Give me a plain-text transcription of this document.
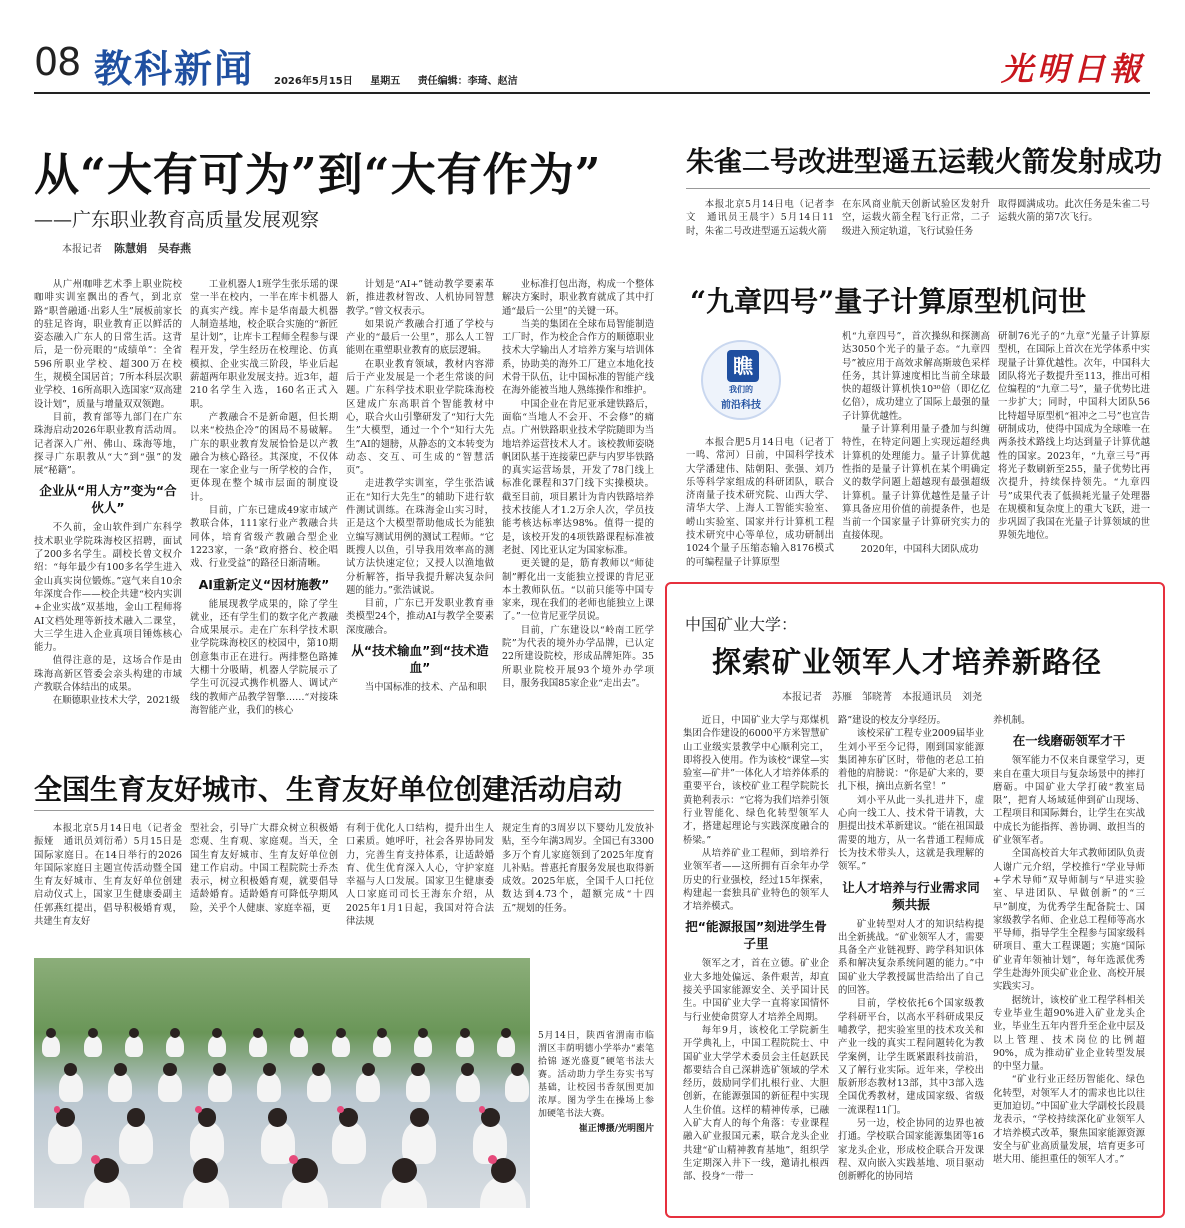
08 教科新闻 2026年5月15日 星期五 责任编辑：李琦、赵洁	光明日報
从“大有可为”到“大有作为”
——广东职业教育高质量发展观察
本报记者 陈慧娟　吴春燕

从广州咖啡艺术季上职业院校咖啡实训室飘出的香气，到北京路“职普融通·出彩人生”展板前家长的驻足咨询，职业教育正以鲜活的姿态融入广东人的日常生活。这背后，是一份亮眼的“成绩单”：全省596所职业学校、超300万在校生，规模全国居首；7所本科层次职业学校、16所高职入选国家“双高建设计划”，质量与增量双双领跑。

目前，教育部等九部门在广东珠海启动2026年职业教育活动周。记者深入广州、佛山、珠海等地，探寻广东职教从“大”到“强”的发展“秘籍”。

企业从“用人方”变为“合伙人”

不久前，金山软件到广东科学技术职业学院珠海校区招聘，面试了200多名学生。副校长曾文权介绍：“每年最少有100多名学生进入金山真实岗位锻炼。”寇气来自10余年深度合作——校企共建“校内实训+企业实战”双基地，金山工程师将AI文档处理等新技术融入二课堂，大三学生进入企业真项目锤炼核心能力。

值得注意的是，这场合作是由珠海高新区管委会亲头构建的市域产教联合体结出的成果。

在顺德职业技术大学，2021级

工业机器人1班学生张乐瑶的课堂一半在校内，一半在库卡机器人的真实产线。库卡是华南最大机器人制造基地，校企联合实施的“新匠星计划”，让库卡工程师全程参与课程开发，学生经历在校理论、仿真模拟、企业实战三阶段，毕业后起薪超两年职业发展支持。近3年，超210名学生入选，160名正式入职。

产教融合不是新命题，但长期以来“校热企冷”的困局不易破解。广东的职业教育发展恰恰是以产教融合为核心路径。其深度，不仅体现在一家企业与一所学校的合作，更体现在整个城市层面的制度设计。

目前，广东已建成49家市域产教联合体，111家行业产教融合共同体，培育省级产教融合型企业1223家，一条“政府搭台、校企唱戏、行业受益”的路径日渐清晰。

AI重新定义“因材施教”

能展现教学成果的，除了学生就业，还有学生们的数字化产教融合成果展示。走在广东科学技术职业学院珠海校区的校园中，第10期创意集市正在进行。两排整色路摊大棚十分吸睛，机器人学院展示了学生可沉浸式携作机器人、调试产线的教师产品教学智擎……“对接珠海智能产业，我们的核心

计划是“AI+”链动教学要素革新，推进教材智改、人机协同智慧教学。”曾文权表示。

如果说产教融合打通了学校与产业的“最后一公里”，那么人工智能则在重塑职业教育的底层逻辑。

在职业教育领域，教材内容滞后于产业发展是一个老生常谈的问题。广东科学技术职业学院珠海校区建成广东高职首个智能教材中心，联合火山引擎研发了“知行大先生”大模型，通过一个个“知行大先生”AI的翅膀，从静态的文本转变为动态、交互、可生成的“智慧活页”。

走进教学实训室，学生张浩诚正在“知行大先生”的辅助下进行软件测试训练。在珠海金山实习时，正是这个大模型帮助他成长为能独立编写测试用例的测试工程师。“它既搜人以鱼，引导我用效率高的测试方法快速定位；又授人以渔地做分析解答，指导我提升解决复杂问题的能力。”张浩诚说。

目前，广东已开发职业教育垂类模型24个，推动AI与教学全要素深度融合。

从“技术输血”到“技术造血”

当中国标准的技术、产品和职

业标准打包出海，构成一个整体解决方案时，职业教育就成了其中打通“最后一公里”的关键一环。

当美的集团在全球布局智能制造工厂时，作为校企合作方的顺德职业技术大学输出人才培养方案与培训体系，协助美的海外工厂建立本地化技术骨干队伍，让中国标准的智能产线在海外能被当地人熟练操作和维护。

中国企业在肯尼亚承建铁路后，面临“当地人不会开、不会修”的痛点。广州铁路职业技术学院随即为当地培养运营技术人才。该校教师姿晓帆团队基于连接蒙巴萨与内罗毕铁路的真实运营场景，开发了78门线上标准化课程和37门线下实操模块。截至目前，项目累计为肯内铁路培养技术技能人才1.2万余人次，学员技能考核达标率达98%。值得一提的是，该校开发的4项铁路课程标准被老挝、冈比亚认定为国家标准。

更关键的是，筋育教师以“师徒制”孵化出一支能独立授课的肯尼亚本土教师队伍。“以前只能等中国专家来，现在我们的老师也能独立上课了。”一位肯尼亚学员说。

目前，广东建设以“岭南工匠学院”为代表的境外办学品牌，已认定22所建设院校，形成品牌矩阵。35所职业院校开展93个境外办学项目，服务我国85家企业“走出去”。

朱雀二号改进型遥五运载火箭发射成功

本报北京5月14日电（记者李文　通讯员王晨宇）5月14日11时，朱雀二号改进型遥五运载火箭

在东风商业航天创新试验区发射升空，运载火箭全程飞行正常，二子级进入预定轨道，飞行试验任务

取得圆满成功。此次任务是朱雀二号运载火箭的第7次飞行。

“九章四号”量子计算原型机问世
瞧
我们的
前沿科技

本报合肥5月14日电（记者丁一鸣、常河）日前，中国科学技术大学潘建伟、陆朝阳、张强、刘乃乐等科学家组成的科研团队，联合济南量子技术研究院、山西大学、清华大学、上海人工智能实验室、崂山实验室、国家并行计算机工程技术研究中心等单位，成功研制出1024个量子压缩态输入8176模式的可编程量子计算原型

机“九章四号”，首次操纵和探测高达3050个光子的量子态。“九章四号”被应用于高效求解高斯玻色采样任务，其计算速度相比当前全球最快的超级计算机快10³⁰倍（即亿亿亿倍），成功建立了国际上最强的量子计算优越性。

量子计算利用量子叠加与纠缠特性，在特定问题上实现远超经典计算机的处理能力。量子计算优越性指的是量子计算机在某个明确定义的数学问题上超越现有最强超级计算机。量子计算优越性是量子计算具备应用价值的前提条件，也是当前一个国家量子计算研究实力的直接体现。

2020年，中国科大团队成功

研制76光子的“九章”光量子计算原型机，在国际上首次在光学体系中实现量子计算优越性。次年，中国科大团队将光子数提升至113，推出可相位编程的“九章二号”，量子优势比进一步扩大；同时，中国科大团队56比特超导原型机“祖冲之二号”也宣告研制成功，使得中国成为全球唯一在两条技术路线上均达到量子计算优越性的国家。2023年，“九章三号”再将光子数刷新至255，量子优势比再次提升，持续保持领先。“九章四号”成果代表了低损耗光量子处理器在规模和复杂度上的重大飞跃，进一步巩固了我国在光量子计算领域的世界领先地位。

全国生育友好城市、生育友好单位创建活动启动

本报北京5月14日电（记者金振娅　通讯员刘衍希）5月15日是国际家庭日。在14日举行的2026年国际家庭日主题宣传活动暨全国生育友好城市、生育友好单位创建启动仪式上，国家卫生健康委副主任郭燕红提出，倡导积极婚育观，共建生育友好

型社会，引导广大群众树立积极婚恋观、生育观、家庭观。当天，全国生育友好城市、生育友好单位创建工作启动。中国工程院院士乔杰表示，树立积极婚育观，就要倡导适龄婚育。适龄婚育可降低孕期风险，关乎个人健康、家庭幸福，更

有利于优化人口结构，提升出生人口素质。她呼吁，社会各界协同发力，完善生育支持体系，让适龄婚育、优生优育深入人心，守护家庭幸福与人口发展。国家卫生健康委人口家庭司司长王海东介绍，从2025年1月1日起，我国对符合法律法规

规定生育的3周岁以下婴幼儿发放补贴，至今年满3周岁。全国已有3300多万个育儿家庭领到了2025年度育儿补贴。普惠托育服务发展也取得新成效。2025年底，全国千人口托位数达到4.73个，超额完成“十四五”规划的任务。

5月14日，陕西省渭南市临渭区丰荫明德小学举办“素笔拾锦 逐光盛夏”硬笔书法大赛。活动助力学生夯实书写基础，让校园书香氛围更加浓厚。图为学生在操场上参加硬笔书法大赛。
崔正博摄/光明图片
中国矿业大学：
探索矿业领军人才培养新路径
本报记者　苏雁　邹晓菁　本报通讯员　刘尧

近日，中国矿业大学与郑煤机集团合作建设的6000平方米智慧矿山工业级实景教学中心顺利完工，即将投入使用。作为该校“课堂—实验室—矿井”一体化人才培养体系的重要平台，该校矿业工程学院院长黄艳利表示：“它将为我们培养引领行业智能化、绿色化转型领军人才，搭建起理论与实践深度融合的桥梁。”

从培养矿业工程师，到培养行业领军者——这所拥有百余年办学历史的行业强校，经过15年探索，构建起一套独具矿业特色的领军人才培养模式。

把“能源报国”刻进学生骨子里

领军之才，首在立德。矿业企业大多地处偏远、条件艰苦，却直接关乎国家能源安全、关乎国计民生。中国矿业大学一直将家国情怀与行业使命贯穿人才培养全周期。

每年9月，该校化工学院新生开学典礼上，中国工程院院士、中国矿业大学学术委员会主任赵跃民都要结合自己深耕选矿领域的学术经历，鼓励同学们扎根行业、大胆创新，在能源强国的新征程中实现人生价值。这样的精神传承，已融入矿大育人的每个角落：专业课程融入矿业报国元素，联合龙头企业共建“矿山精神教育基地”，组织学生定期深入井下一线，邀请扎根西部、投身“一带一

路”建设的校友分享经历。

该校采矿工程专业2009届毕业生刘小平至今记得，刚到国家能源集团神东矿区时，带他的老总工拍着他的肩膀说：“你是矿大来的，要扎下根，摘出点新名堂！”

刘小平从此一头扎进井下，虚心向一线工人、技术骨干请教，大胆提出技术革新建议。“能在祖国最需要的地方，从一名普通工程师成长为技术带头人，这就是我理解的领军。”

让人才培养与行业需求同频共振

矿业转型对人才的知识结构提出全新挑战。“矿业领军人才，需要具备全产业链视野、跨学科知识体系和解决复杂系统问题的能力。”中国矿业大学教授属世浩给出了自己的回答。

目前，学校依托6个国家级教学科研平台，以高水平科研成果反哺教学，把实验室里的技术攻关和产业一线的真实工程问题转化为教学案例，让学生既紧跟科技前沿，又了解行业实际。近年来，学校出版新形态教材13部，其中3部入选全国优秀教材，建成国家级、省级一流课程11门。

另一边，校企协同的边界也被打通。学校联合国家能源集团等16家龙头企业，形成校企联合开发课程、双向嵌入实践基地、项目驱动创新孵化的协同培

养机制。

在一线磨砺领军才干

领军能力不仅来自课堂学习，更来自在重大项目与复杂场景中的摔打磨砺。中国矿业大学打破“教室局限”，把育人场域延伸到矿山现场、工程项目和国际舞台，让学生在实战中成长为能指挥、善协调、敢担当的矿业领军者。

全国高校首大年式教师团队负责人谢广元介绍，学校推行“学业导师+学术导师”双导师制与“早进实验室、早进团队、早做创新”的“三早”制度，为优秀学生配备院士、国家级教学名师、企业总工程师等高水平导师，指导学生全程参与国家级科研项目、重大工程课题；实施“国际矿业青年领袖计划”，每年选派优秀学生赴海外顶尖矿业企业、高校开展实践实习。

据统计，该校矿业工程学科相关专业毕业生超90%进入矿业龙头企业，毕业生五年内晋升至企业中层及以上管理、技术岗位的比例超90%，成为推动矿业企业转型发展的中坚力量。

“矿业行业正经历智能化、绿色化转型，对领军人才的需求也比以往更加迫切。”中国矿业大学副校长段晨龙表示，“学校持续深化矿业领军人才培养模式改革，聚焦国家能源资源安全与矿业高质量发展，培育更多可堪大用、能担重任的领军人才。”
